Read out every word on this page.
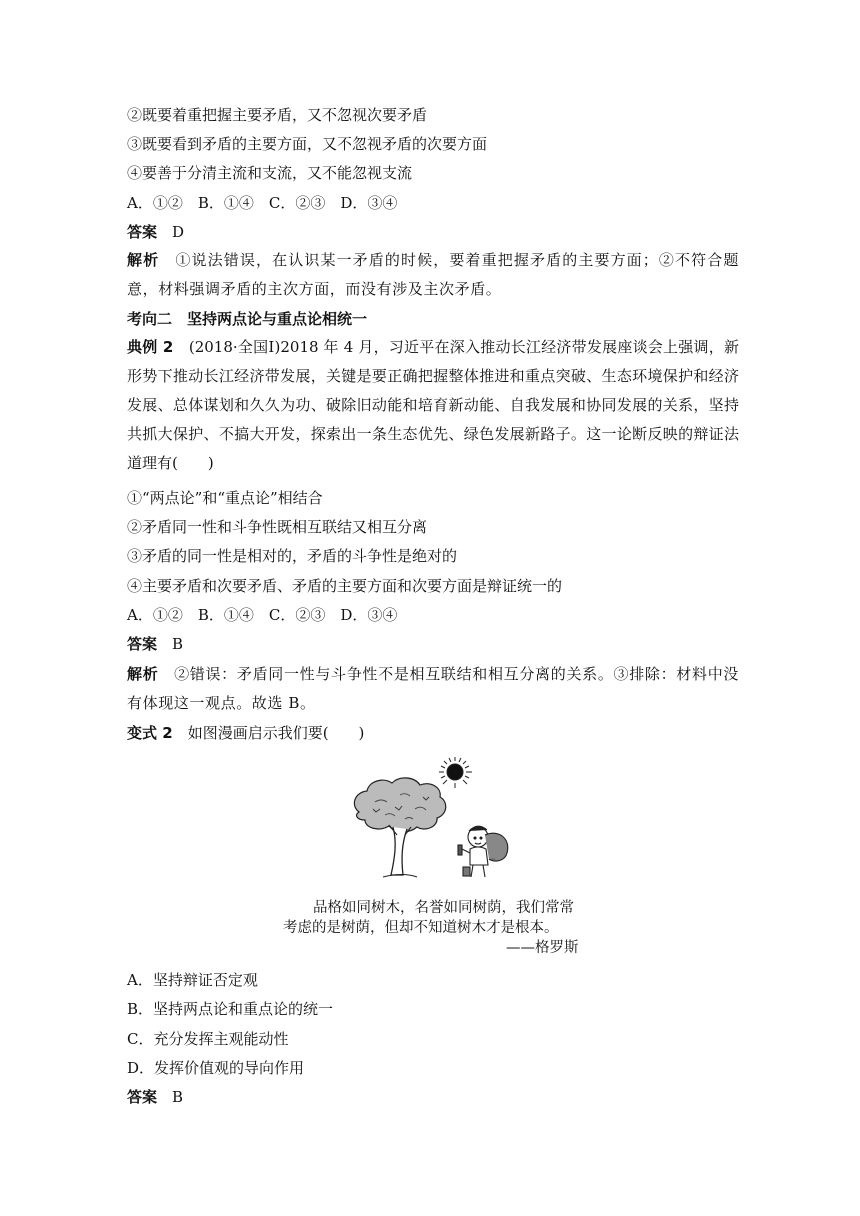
②既要着重把握主要矛盾，又不忽视次要矛盾
③既要看到矛盾的主要方面，又不忽视矛盾的次要方面
④要善于分清主流和支流，又不能忽视支流
A．①②　B．①④　C．②③　D．③④
答案　 D
解析　 ①说法错误，在认识某一矛盾的时候，要着重把握矛盾的主要方面；②不符合题意，材料强调矛盾的主次方面，而没有涉及主次矛盾。
考向二　坚持两点论与重点论相统一
典例 2　 (2018·全国Ⅰ)2018 年 4 月，习近平在深入推动长江经济带发展座谈会上强调，新形势下推动长江经济带发展，关键是要正确把握整体推进和重点突破、生态环境保护和经济发展、总体谋划和久久为功、破除旧动能和培育新动能、自我发展和协同发展的关系，坚持共抓大保护、不搞大开发，探索出一条生态优先、绿色发展新路子。这一论断反映的辩证法道理有(　　)
①“两点论”和“重点论”相结合
②矛盾同一性和斗争性既相互联结又相互分离
③矛盾的同一性是相对的，矛盾的斗争性是绝对的
④主要矛盾和次要矛盾、矛盾的主要方面和次要方面是辩证统一的
A．①②　B．①④　C．②③　D．③④
答案　 B
解析　 ②错误：矛盾同一性与斗争性不是相互联结和相互分离的关系。③排除：材料中没有体现这一观点。故选 B。
变式 2　 如图漫画启示我们要(　　)
~
品格如同树木，名誉如同树荫，我们常常
考虑的是树荫，但却不知道树木才是根本。
——格罗斯
A．坚持辩证否定观
B．坚持两点论和重点论的统一
C．充分发挥主观能动性
D．发挥价值观的导向作用
答案　 B
